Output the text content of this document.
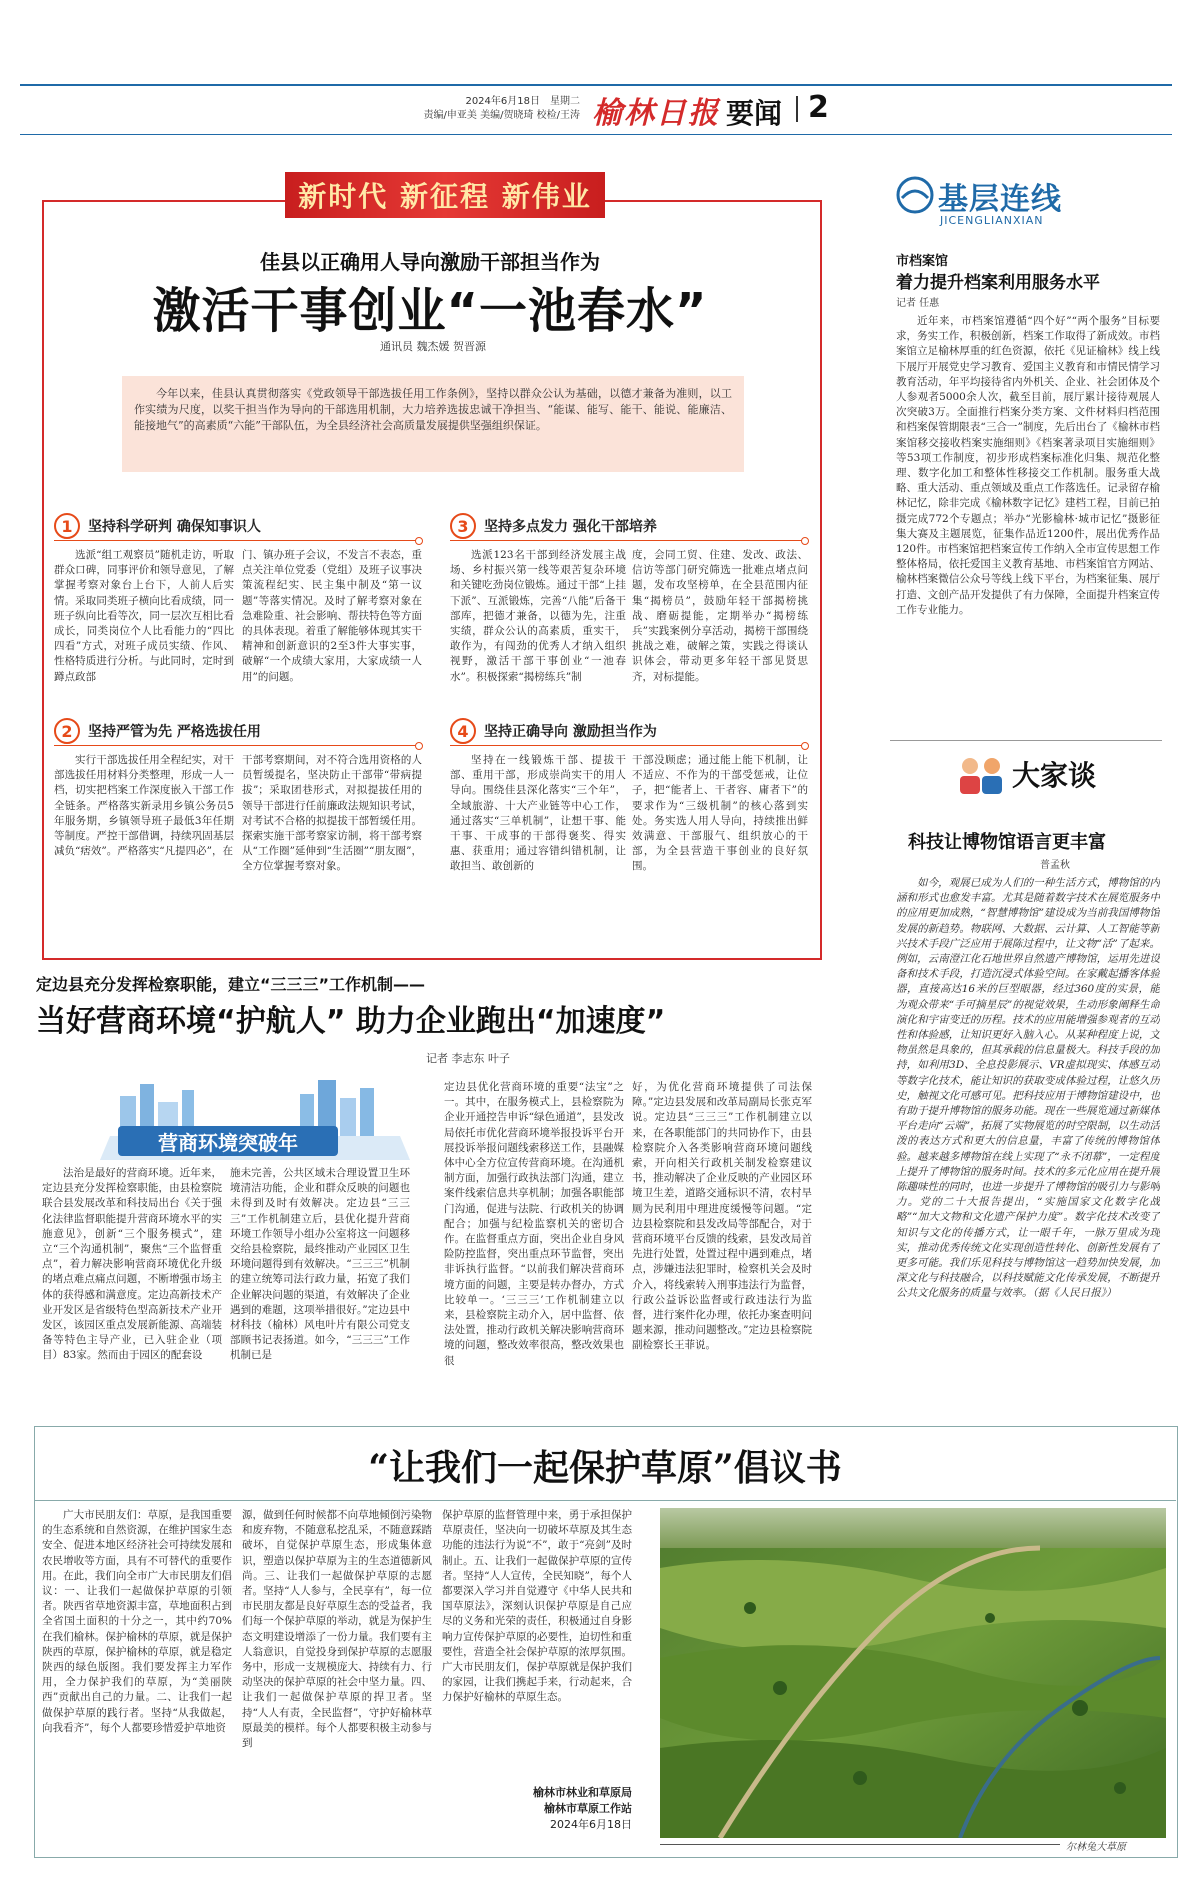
2024年6月18日　星期二
责编/申亚美 美编/贺晓琦 校检/王涛 榆林日报 要闻 2
新时代 新征程 新伟业
佳县以正确用人导向激励干部担当作为
激活干事创业“一池春水”
通讯员 魏杰媛 贺晋源

今年以来，佳县认真贯彻落实《党政领导干部选拔任用工作条例》，坚持以群众公认为基础，以德才兼备为准则，以工作实绩为尺度，以奖干担当作为导向的干部选用机制，大力培养选拔忠诚干净担当、“能谋、能写、能干、能说、能廉洁、能接地气”的高素质“六能”干部队伍，为全县经济社会高质量发展提供坚强组织保证。

1	坚持科学研判 确保知事识人

选派“组工观察员”随机走访，听取群众口碑，同事评价和领导意见，了解掌握考察对象台上台下，人前人后实情。采取同类班子横向比看成绩，同一班子纵向比看等次，同一层次互相比看成长，同类岗位个人比看能力的“四比四看”方式，对班子成员实绩、作风、性格特质进行分析。与此同时，定时到蹲点政部

门、镇办班子会议，不发言不表态，重点关注单位党委（党组）及班子议事决策流程纪实、民主集中制及“第一议题”等落实情况。及时了解考察对象在急难险重、社会影响、帮扶特色等方面的具体表现。着重了解能够体现其实干精神和创新意识的2至3件大事实事，破解“一个成绩大家用，大家成绩一人用”的问题。

2	坚持严管为先 严格选拔任用

实行干部选拔任用全程纪实，对干部选拔任用材料分类整理，形成一人一档，切实把档案工作深度嵌入干部工作全链条。严格落实新录用乡镇公务员5年服务期，乡镇领导班子最低3年任期等制度。严控干部借调，持续巩固基层减负“痞效”。严格落实“凡提四必”，在

干部考察期间，对不符合选用资格的人员暂缓提名，坚决防止干部带“带病提拔”；采取团巷形式，对拟提拔任用的领导干部进行任前廉政法规知识考试，对考试不合格的拟提拔干部暂缓任用。探索实施干部考察家访制，将干部考察从“工作圈”延伸到“生活圈”“朋友圈”，全方位掌握考察对象。

3	坚持多点发力 强化干部培养

选派123名干部到经济发展主战场、乡村振兴第一线等艰苦复杂环境和关键吃劲岗位锻炼。通过干部“上挂下派”、互派锻炼，完善“八能”后备干部库，把德才兼备，以德为先，注重实绩，群众公认的高素质，重实干，敢作为，有闯劲的优秀人才纳入组织视野，激活干部干事创业“一池春水”。积极探索“揭榜练兵”制

度，会同工贸、住建、发改、政法、信访等部门研究筛选一批难点堵点问题，发布攻坚榜单，在全县范围内征集“揭榜员”，鼓励年轻干部揭榜挑战、磨砺提能，定期举办“揭榜练兵”实践案例分享活动，揭榜干部围绕挑战之难，破解之策，实践之得谈认识体会，带动更多年轻干部见贤思齐，对标提能。

4	坚持正确导向 激励担当作为

坚持在一线锻炼干部、提拔干部、重用干部，形成崇尚实干的用人导向。围绕佳县深化落实“三个年”，全域旅游、十大产业链等中心工作，通过落实“三单机制”，让想干事、能干事、干成事的干部得褒奖、得实惠、获重用；通过容错纠错机制，让敢担当、敢创新的

干部没顾虑；通过能上能下机制，让不适应、不作为的干部受惩戒，让位子，把“能者上、干者容、庸者下”的要求作为“三级机制”的核心落到实处。务实选人用人导向，持续推出鲜效满意、干部服气、组织放心的干部，为全县营造干事创业的良好氛围。

定边县充分发挥检察职能，建立“三三三”工作机制——
当好营商环境“护航人” 助力企业跑出“加速度”
记者 李志东 叶子
营商环境突破年

法治是最好的营商环境。近年来，定边县充分发挥检察职能，由县检察院联合县发展改革和科技局出台《关于强化法律监督职能提升营商环境水平的实施意见》，创新“三个服务模式”，建立“三个沟通机制”，聚焦“三个监督重点”，着力解决影响营商环境优化升级的堵点难点痛点问题，不断增强市场主体的获得感和满意度。定边高新技术产业开发区是省级特色型高新技术产业开发区，该园区重点发展新能源、高端装备等特色主导产业，已入驻企业（项目）83家。然而由于园区的配套设

施未完善，公共区域未合理设置卫生环境清洁功能，企业和群众反映的问题也未得到及时有效解决。定边县“三三三”工作机制建立后，县优化提升营商环境工作领导小组办公室将这一问题移交给县检察院，最终推动产业园区卫生环境问题得到有效解决。“三三三”机制的建立统筹司法行政力量，拓宽了我们企业解决问题的渠道，有效解决了企业遇到的难题，这项举措很好。”定边县中材科技（榆林）风电叶片有限公司党支部顾书记表扬道。如今，“三三三”工作机制已是

定边县优化营商环境的重要“法宝”之一。其中，在服务模式上，县检察院为企业开通控告申诉“绿色通道”，县发改局依托市优化营商环境举报投诉平台开展投诉举报问题线索移送工作，县融媒体中心全方位宣传营商环境。在沟通机制方面，加强行政执法部门沟通，建立案件线索信息共享机制；加强各职能部门沟通，促进与法院、行政机关的协调配合；加强与纪检监察机关的密切合作。在监督重点方面，突出企业自身风险防控监督，突出重点环节监督，突出非诉执行监督。“以前我们解决营商环境方面的问题，主要是转办督办，方式比较单一。‘三三三’工作机制建立以来，县检察院主动介入，居中监督、依法处置，推动行政机关解决影响营商环境的问题，整改效率很高，整改效果也很

好，为优化营商环境提供了司法保障。”定边县发展和改革局副局长张克军说。定边县“三三三”工作机制建立以来，在各职能部门的共同协作下，由县检察院介入各类影响营商环境问题线索，开向相关行政机关制发检察建议书，推动解决了企业反映的产业园区环境卫生差，道路交通标识不清，农村旱厕为民利用中理进度缓慢等问题。“定边县检察院和县发改局等部配合，对于营商环境平台反馈的线索，县发改局首先进行处置，处置过程中遇到难点，堵点，涉嫌违法犯罪时，检察机关会及时介入，将线索转入刑事违法行为监督，行政公益诉讼监督或行政违法行为监督，进行案件化办理，依托办案查明问题来源，推动问题整改。”定边县检察院副检察长王菲说。

基层连线
JICENGLIANXIAN
市档案馆
着力提升档案利用服务水平
记者 任惠

近年来，市档案馆遵循“四个好”“两个服务”目标要求，务实工作，积极创新，档案工作取得了新成效。市档案馆立足榆林厚重的红色资源，依托《见证榆林》线上线下展厅开展党史学习教育、爱国主义教育和市情民情学习教育活动，年平均接待省内外机关、企业、社会团体及个人参观者5000余人次，截至目前，展厅累计接待观展人次突破3万。全面推行档案分类方案、文件材料归档范围和档案保管期限表“三合一”制度，先后出台了《榆林市档案馆移交接收档案实施细则》《档案著录项目实施细则》等53项工作制度，初步形成档案标准化归集、规范化整理、数字化加工和整体性移接交工作机制。服务重大战略、重大活动、重点领域及重点工作落选任。记录留存榆林记忆，除非完成《榆林数字记忆》建档工程，目前已拍摄完成772个专题点；举办“光影榆林·城市记忆”摄影征集大赛及主题展览，征集作品近1200件，展出优秀作品120件。市档案馆把档案宣传工作纳入全市宣传思想工作整体格局，依托爱国主义教育基地、市档案馆官方网站、榆林档案微信公众号等线上线下平台，为档案征集、展厅打造、文创产品开发提供了有力保障，全面提升档案宣传工作专业能力。

大家谈
科技让博物馆语言更丰富
普孟秋

如今，观展已成为人们的一种生活方式，博物馆的内涵和形式也愈发丰富。尤其是随着数字技术在展览服务中的应用更加成熟，“智慧博物馆”建设成为当前我国博物馆发展的新趋势。物联网、大数据、云计算、人工智能等新兴技术手段广泛应用于展陈过程中，让文物“活”了起来。例如，云南澄江化石地世界自然遗产博物馆，运用先进设备和技术手段，打造沉浸式体验空间。在家戴起播客体验器，直接高达16米的巨型眼器，经过360度的实景，能为观众带来“手可摘星辰”的视觉效果，生动形象阐释生命演化和宇宙变迁的历程。技术的应用能增强参观者的互动性和体验感，让知识更好入脑入心。从某种程度上说，文物虽然是具象的，但其承载的信息量极大。科技手段的加持，如利用3D、全息投影展示、VR虚拟现实、体感互动等数字化技术，能让知识的获取变成体验过程，让悠久历史，触视文化可感可见。把科技应用于博物馆建设中，也有助于提升博物馆的服务功能。现在一些展览通过新媒体平台走向“云端”，拓展了实物展览的时空限制，以生动活泼的表达方式和更大的信息量，丰富了传统的博物馆体验。越来越多博物馆在线上实现了“永不闭幕”，一定程度上提升了博物馆的服务时间。技术的多元化应用在提升展陈趣味性的同时，也进一步提升了博物馆的吸引力与影响力。党的二十大报告提出，“实施国家文化数字化战略”“加大文物和文化遗产保护力度”。数字化技术改变了知识与文化的传播方式，让一眼千年，一脉万里成为现实，推动优秀传统文化实现创造性转化、创新性发展有了更多可能。我们乐见科技与博物馆这一趋势加快发展，加深文化与科技融合，以科技赋能文化传承发展，不断提升公共文化服务的质量与效率。（据《人民日报》）

“让我们一起保护草原”倡议书

广大市民朋友们：草原，是我国重要的生态系统和自然资源，在维护国家生态安全、促进本地区经济社会可持续发展和农民增收等方面，具有不可替代的重要作用。在此，我们向全市广大市民朋友们倡议：一、让我们一起做保护草原的引领者。陕西省草地资源丰富，草地面积占到全省国土面积的十分之一，其中约70%在我们榆林。保护榆林的草原，就是保护陕西的草原，保护榆林的草原，就是稳定陕西的绿色版图。我们要发挥主力军作用，全力保护我们的草原，为“美丽陕西”贡献出自己的力量。二、让我们一起做保护草原的践行者。坚持“从我做起，向我看齐”，每个人都要珍惜爱护草地资

源，做到任何时候都不向草地倾倒污染物和废弃物，不随意私挖乱采，不随意踩踏破坏，自觉保护草原生态，形成集体意识，塑造以保护草原为主的生态道德新风尚。三、让我们一起做保护草原的志愿者。坚持“人人参与，全民享有”，每一位市民朋友都是良好草原生态的受益者，我们每一个保护草原的举动，就是为保护生态文明建设增添了一份力量。我们要有主人翁意识，自觉投身到保护草原的志愿服务中，形成一支规模庞大、持续有力、行动坚决的保护草原的社会中坚力量。四、让我们一起做保护草原的捍卫者。坚持“人人有责，全民监督”，守护好榆林草原最美的模样。每个人都要积极主动参与到

保护草原的监督管理中来，勇于承担保护草原责任，坚决向一切破坏草原及其生态功能的违法行为说“不”，敢于“亮剑”及时制止。五、让我们一起做保护草原的宣传者。坚持“人人宣传，全民知晓”，每个人都要深入学习并自觉遵守《中华人民共和国草原法》，深刻认识保护草原是自己应尽的义务和光荣的责任，积极通过自身影响力宣传保护草原的必要性，迫切性和重要性，营造全社会保护草原的浓厚氛围。广大市民朋友们，保护草原就是保护我们的家园，让我们携起手来，行动起来，合力保护好榆林的草原生态。

榆林市林业和草原局
榆林市草原工作站
2024年6月18日
尔林兔大草原
